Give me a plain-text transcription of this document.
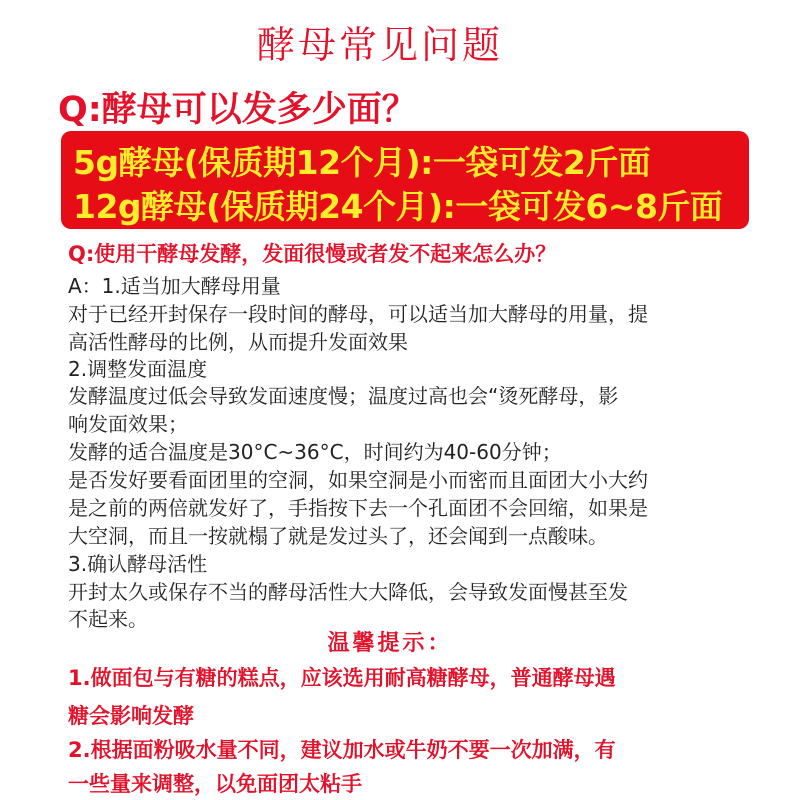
酵母常见问题
Q:酵母可以发多少面？
5g酵母(保质期12个月):一袋可发2斤面
12g酵母(保质期24个月):一袋可发6~8斤面
Q:使用干酵母发酵，发面很慢或者发不起来怎么办？
A：1.适当加大酵母用量
对于已经开封保存一段时间的酵母，可以适当加大酵母的用量，提
高活性酵母的比例，从而提升发面效果
2.调整发面温度
发酵温度过低会导致发面速度慢；温度过高也会“烫死酵母，影
响发面效果；
发酵的适合温度是30°C~36°C，时间约为40-60分钟；
是否发好要看面团里的空洞，如果空洞是小而密而且面团大小大约
是之前的两倍就发好了，手指按下去一个孔面团不会回缩，如果是
大空洞，而且一按就榻了就是发过头了，还会闻到一点酸味。
3.确认酵母活性
开封太久或保存不当的酵母活性大大降低，会导致发面慢甚至发
不起来。
温馨提示：
1.做面包与有糖的糕点，应该选用耐高糖酵母，普通酵母遇
糖会影响发酵
2.根据面粉吸水量不同，建议加水或牛奶不要一次加满，有
一些量来调整，以免面团太粘手
